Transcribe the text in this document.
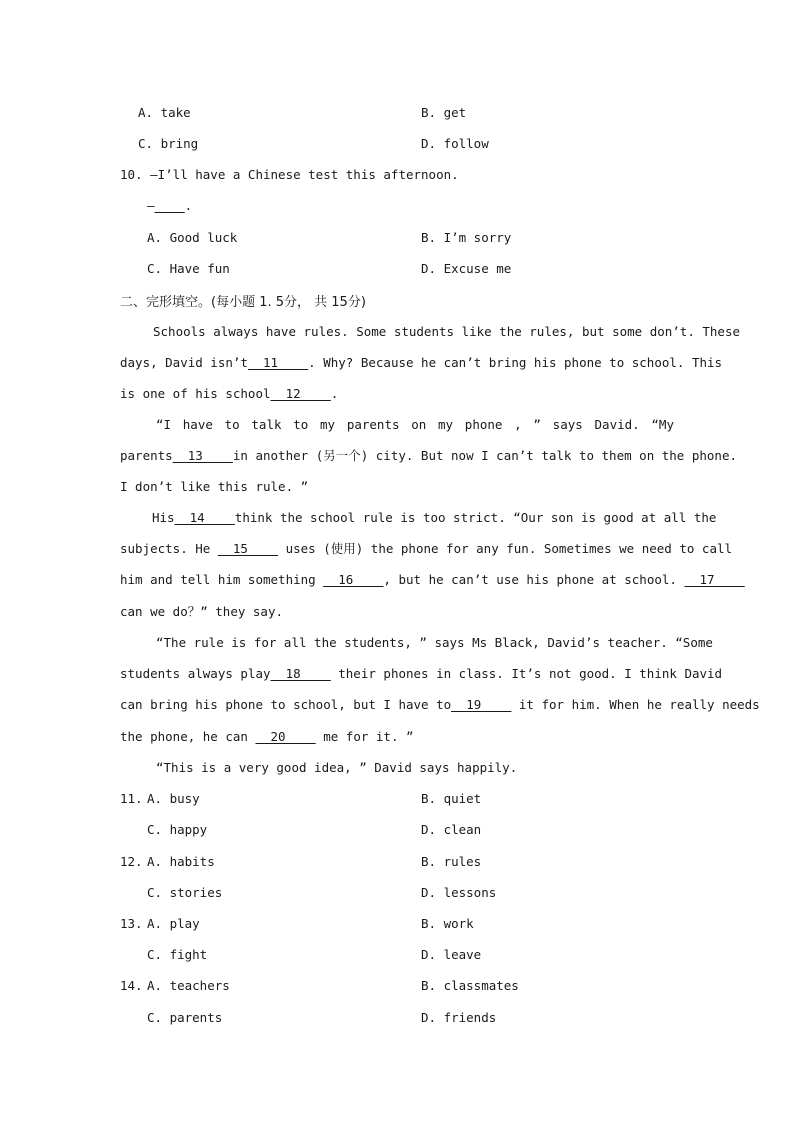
A. take	B. get
C. bring	D. follow
10. —I’ll have a Chinese test this afternoon.
—____.
A. Good luck	B. I’m sorry
C. Have fun	D. Excuse me
二、完形填空。(每小题 1. 5分， 共 15分)
Schools always have rules. Some students like the rules, but some don’t. These
days, David isn’t__11____. Why? Because he can’t bring his phone to school. This
is one of his school__12____.
“I have to talk to my parents on my phone , ” says David. “My
parents__13____in another (另一个) city. But now I can’t talk to them on the phone.
I don’t like this rule. ”
His__14____think the school rule is too strict. “Our son is good at all the
subjects. He __15____ uses (使用) the phone for any fun. Sometimes we need to call
him and tell him something __16____, but he can’t use his phone at school. __17____
can we do？” they say.
“The rule is for all the students, ” says Ms Black, David’s teacher. “Some
students always play__18____ their phones in class. It’s not good. I think David
can bring his phone to school, but I have to__19____ it for him. When he really needs
the phone, he can __20____ me for it. ”
“This is a very good idea, ” David says happily.
11. A. busy	B. quiet
C. happy	D. clean
12. A. habits	B. rules
C. stories	D. lessons
13. A. play	B. work
C. fight	D. leave
14. A. teachers	B. classmates
C. parents	D. friends
